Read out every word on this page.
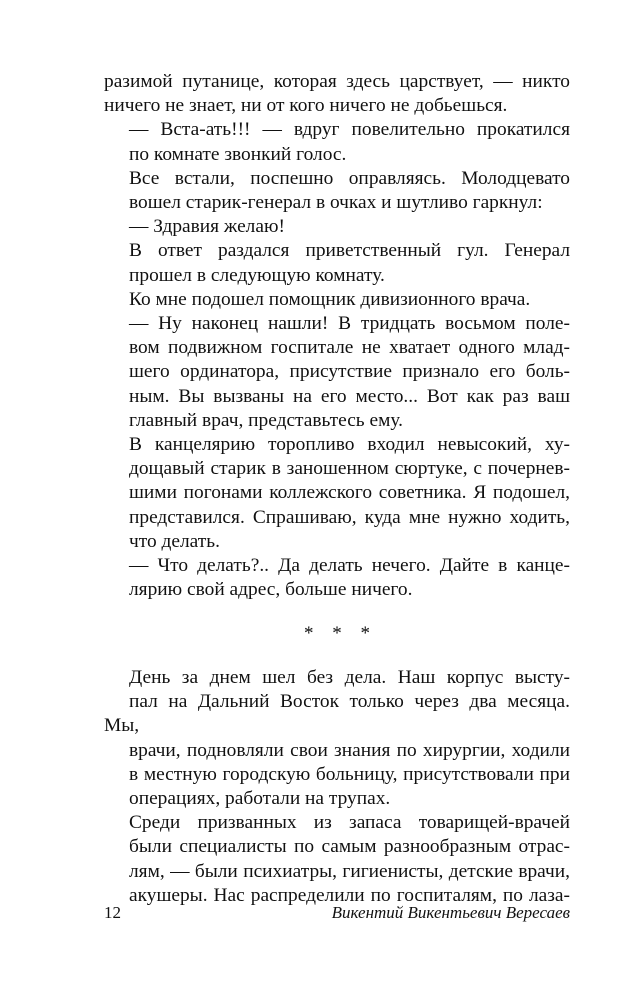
разимой путанице, которая здесь царствует, — никто
ничего не знает, ни от кого ничего не добьешься.

— Вста-ать!!! — вдруг повелительно прокатился
по комнате звонкий голос.

Все встали, поспешно оправляясь. Молодцевато
вошел старик-генерал в очках и шутливо гаркнул:

— Здравия желаю!

В ответ раздался приветственный гул. Генерал
прошел в следующую комнату.

Ко мне подошел помощник дивизионного врача.

— Ну наконец нашли! В тридцать восьмом поле-
вом подвижном госпитале не хватает одного млад-
шего ординатора, присутствие признало его боль-
ным. Вы вызваны на его место... Вот как раз ваш
главный врач, представьтесь ему.

В канцелярию торопливо входил невысокий, ху-
дощавый старик в заношенном сюртуке, с почернев-
шими погонами коллежского советника. Я подошел,
представился. Спрашиваю, куда мне нужно ходить,
что делать.

— Что делать?.. Да делать нечего. Дайте в канце-
лярию свой адрес, больше ничего.

* * *

День за днем шел без дела. Наш корпус высту-
пал на Дальний Восток только через два месяца. Мы,
врачи, подновляли свои знания по хирургии, ходили
в местную городскую больницу, присутствовали при
операциях, работали на трупах.

Среди призванных из запаса товарищей-врачей
были специалисты по самым разнообразным отрас-
лям, — были психиатры, гигиенисты, детские врачи,
акушеры. Нас распределили по госпиталям, по лаза-

12	Викентий Викентьевич Вересаев
